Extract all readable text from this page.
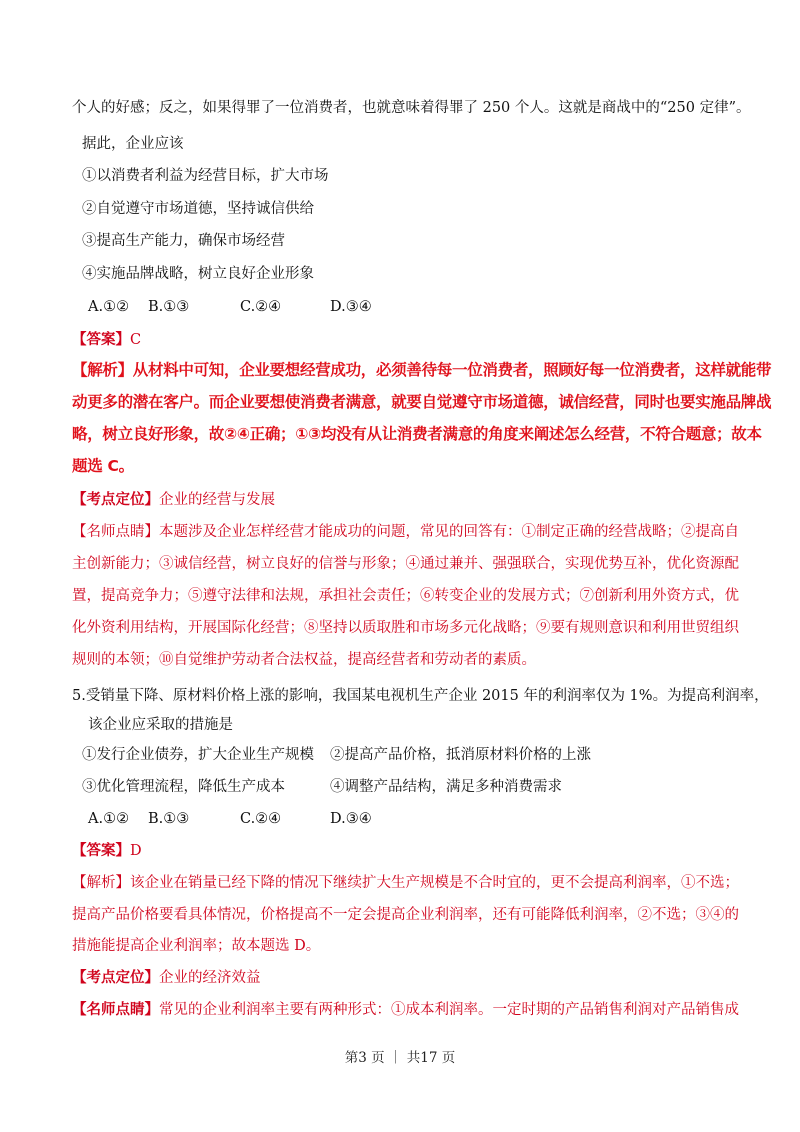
个人的好感；反之，如果得罪了一位消费者，也就意味着得罪了 250 个人。这就是商战中的“250 定律”。
据此，企业应该
①以消费者利益为经营目标，扩大市场
②自觉遵守市场道德，坚持诚信供给
③提高生产能力，确保市场经营
④实施品牌战略，树立良好企业形象
A.①② B.①③	C.②④	D.③④
【答案】C
【解析】从材料中可知，企业要想经营成功，必须善待每一位消费者，照顾好每一位消费者，这样就能带
动更多的潜在客户。而企业要想使消费者满意，就要自觉遵守市场道德，诚信经营，同时也要实施品牌战
略，树立良好形象，故②④正确；①③均没有从让消费者满意的角度来阐述怎么经营，不符合题意；故本
题选 C。
【考点定位】企业的经营与发展
【名师点睛】本题涉及企业怎样经营才能成功的问题，常见的回答有：①制定正确的经营战略；②提高自
主创新能力；③诚信经营，树立良好的信誉与形象；④通过兼并、强强联合，实现优势互补，优化资源配
置，提高竞争力；⑤遵守法律和法规，承担社会责任；⑥转变企业的发展方式；⑦创新利用外资方式，优
化外资利用结构，开展国际化经营；⑧坚持以质取胜和市场多元化战略；⑨要有规则意识和利用世贸组织
规则的本领；⑩自觉维护劳动者合法权益，提高经营者和劳动者的素质。
5.受销量下降、原材料价格上涨的影响，我国某电视机生产企业 2015 年的利润率仅为 1%。为提高利润率，
该企业应采取的措施是
①发行企业债券，扩大企业生产规模 ②提高产品价格，抵消原材料价格的上涨
③优化管理流程，降低生产成本	④调整产品结构，满足多种消费需求
A.①② B.①③	C.②④	D.③④
【答案】D
【解析】该企业在销量已经下降的情况下继续扩大生产规模是不合时宜的，更不会提高利润率，①不选；
提高产品价格要看具体情况，价格提高不一定会提高企业利润率，还有可能降低利润率，②不选；③④的
措施能提高企业利润率；故本题选 D。
【考点定位】企业的经济效益
【名师点睛】常见的企业利润率主要有两种形式：①成本利润率。一定时期的产品销售利润对产品销售成
第3 页 ｜ 共17 页
